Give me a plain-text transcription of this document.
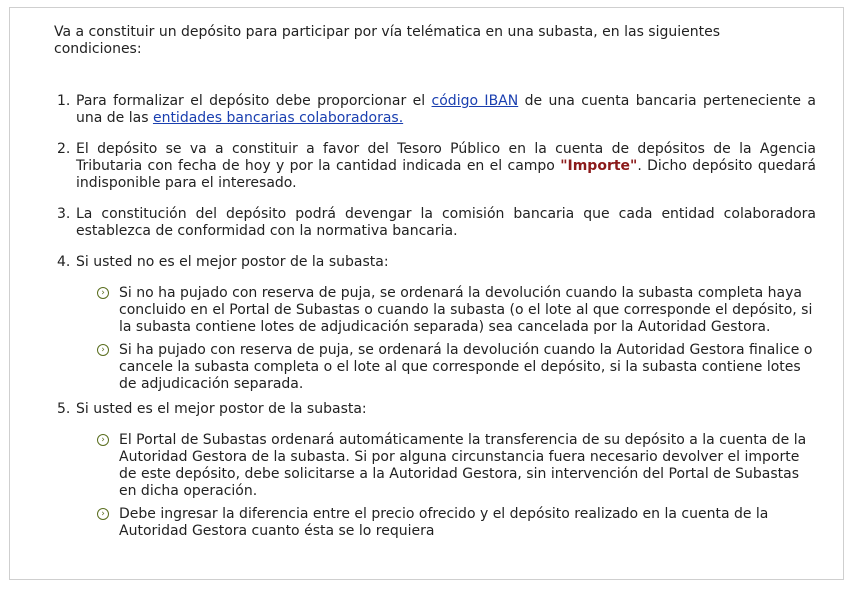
Va a constituir un depósito para participar por vía telématica en una subasta, en las siguientes condiciones:

1. Para formalizar el depósito debe proporcionar el código IBAN de una cuenta bancaria perteneciente a una de las entidades bancarias colaboradoras.
2. El depósito se va a constituir a favor del Tesoro Público en la cuenta de depósitos de la Agencia Tributaria con fecha de hoy y por la cantidad indicada en el campo "Importe". Dicho depósito quedará indisponible para el interesado.
3. La constitución del depósito podrá devengar la comisión bancaria que cada entidad colaboradora establezca de conformidad con la normativa bancaria.
4. Si usted no es el mejor postor de la subasta:
›	Si no ha pujado con reserva de puja, se ordenará la devolución cuando la subasta completa haya concluido en el Portal de Subastas o cuando la subasta (o el lote al que corresponde el depósito, si la subasta contiene lotes de adjudicación separada) sea cancelada por la Autoridad Gestora.
›	Si ha pujado con reserva de puja, se ordenará la devolución cuando la Autoridad Gestora finalice o cancele la subasta completa o el lote al que corresponde el depósito, si la subasta contiene lotes de adjudicación separada.
5. Si usted es el mejor postor de la subasta:
›	El Portal de Subastas ordenará automáticamente la transferencia de su depósito a la cuenta de la Autoridad Gestora de la subasta. Si por alguna circunstancia fuera necesario devolver el importe de este depósito, debe solicitarse a la Autoridad Gestora, sin intervención del Portal de Subastas en dicha operación.
›	Debe ingresar la diferencia entre el precio ofrecido y el depósito realizado en la cuenta de la Autoridad Gestora cuanto ésta se lo requiera
